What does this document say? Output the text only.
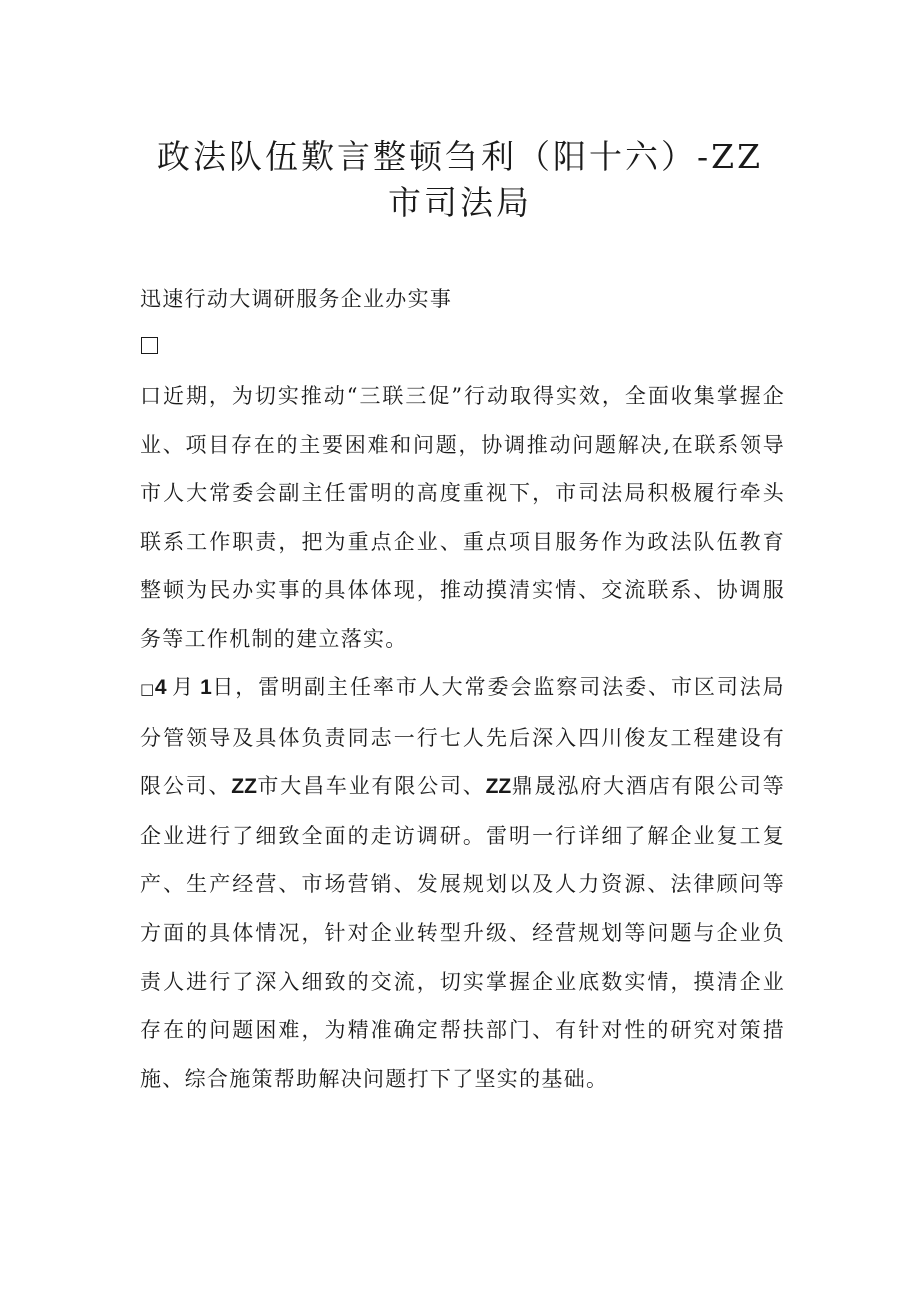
政法队伍歎言整顿刍利（阳十六）-ZZ
市司法局
迅速行动大调研服务企业办实事
口近期，为切实推动“三联三促”行动取得实效，全面收集掌握企业、项目存在的主要困难和问题，协调推动问题解决,在联系领导市人大常委会副主任雷明的高度重视下，市司法局积极履行牵头联系工作职责，把为重点企业、重点项目服务作为政法队伍教育整顿为民办实事的具体体现，推动摸清实情、交流联系、协调服务等工作机制的建立落实。
□4 月 1日，雷明副主任率市人大常委会监察司法委、市区司法局分管领导及具体负责同志一行七人先后深入四川俊友工程建设有限公司、ZZ市大昌车业有限公司、ZZ鼎晟泓府大酒店有限公司等企业进行了细致全面的走访调研。雷明一行详细了解企业复工复产、生产经营、市场营销、发展规划以及人力资源、法律顾问等方面的具体情况，针对企业转型升级、经营规划等问题与企业负责人进行了深入细致的交流，切实掌握企业底数实情，摸清企业存在的问题困难，为精准确定帮扶部门、有针对性的研究对策措施、综合施策帮助解决问题打下了坚实的基础。
